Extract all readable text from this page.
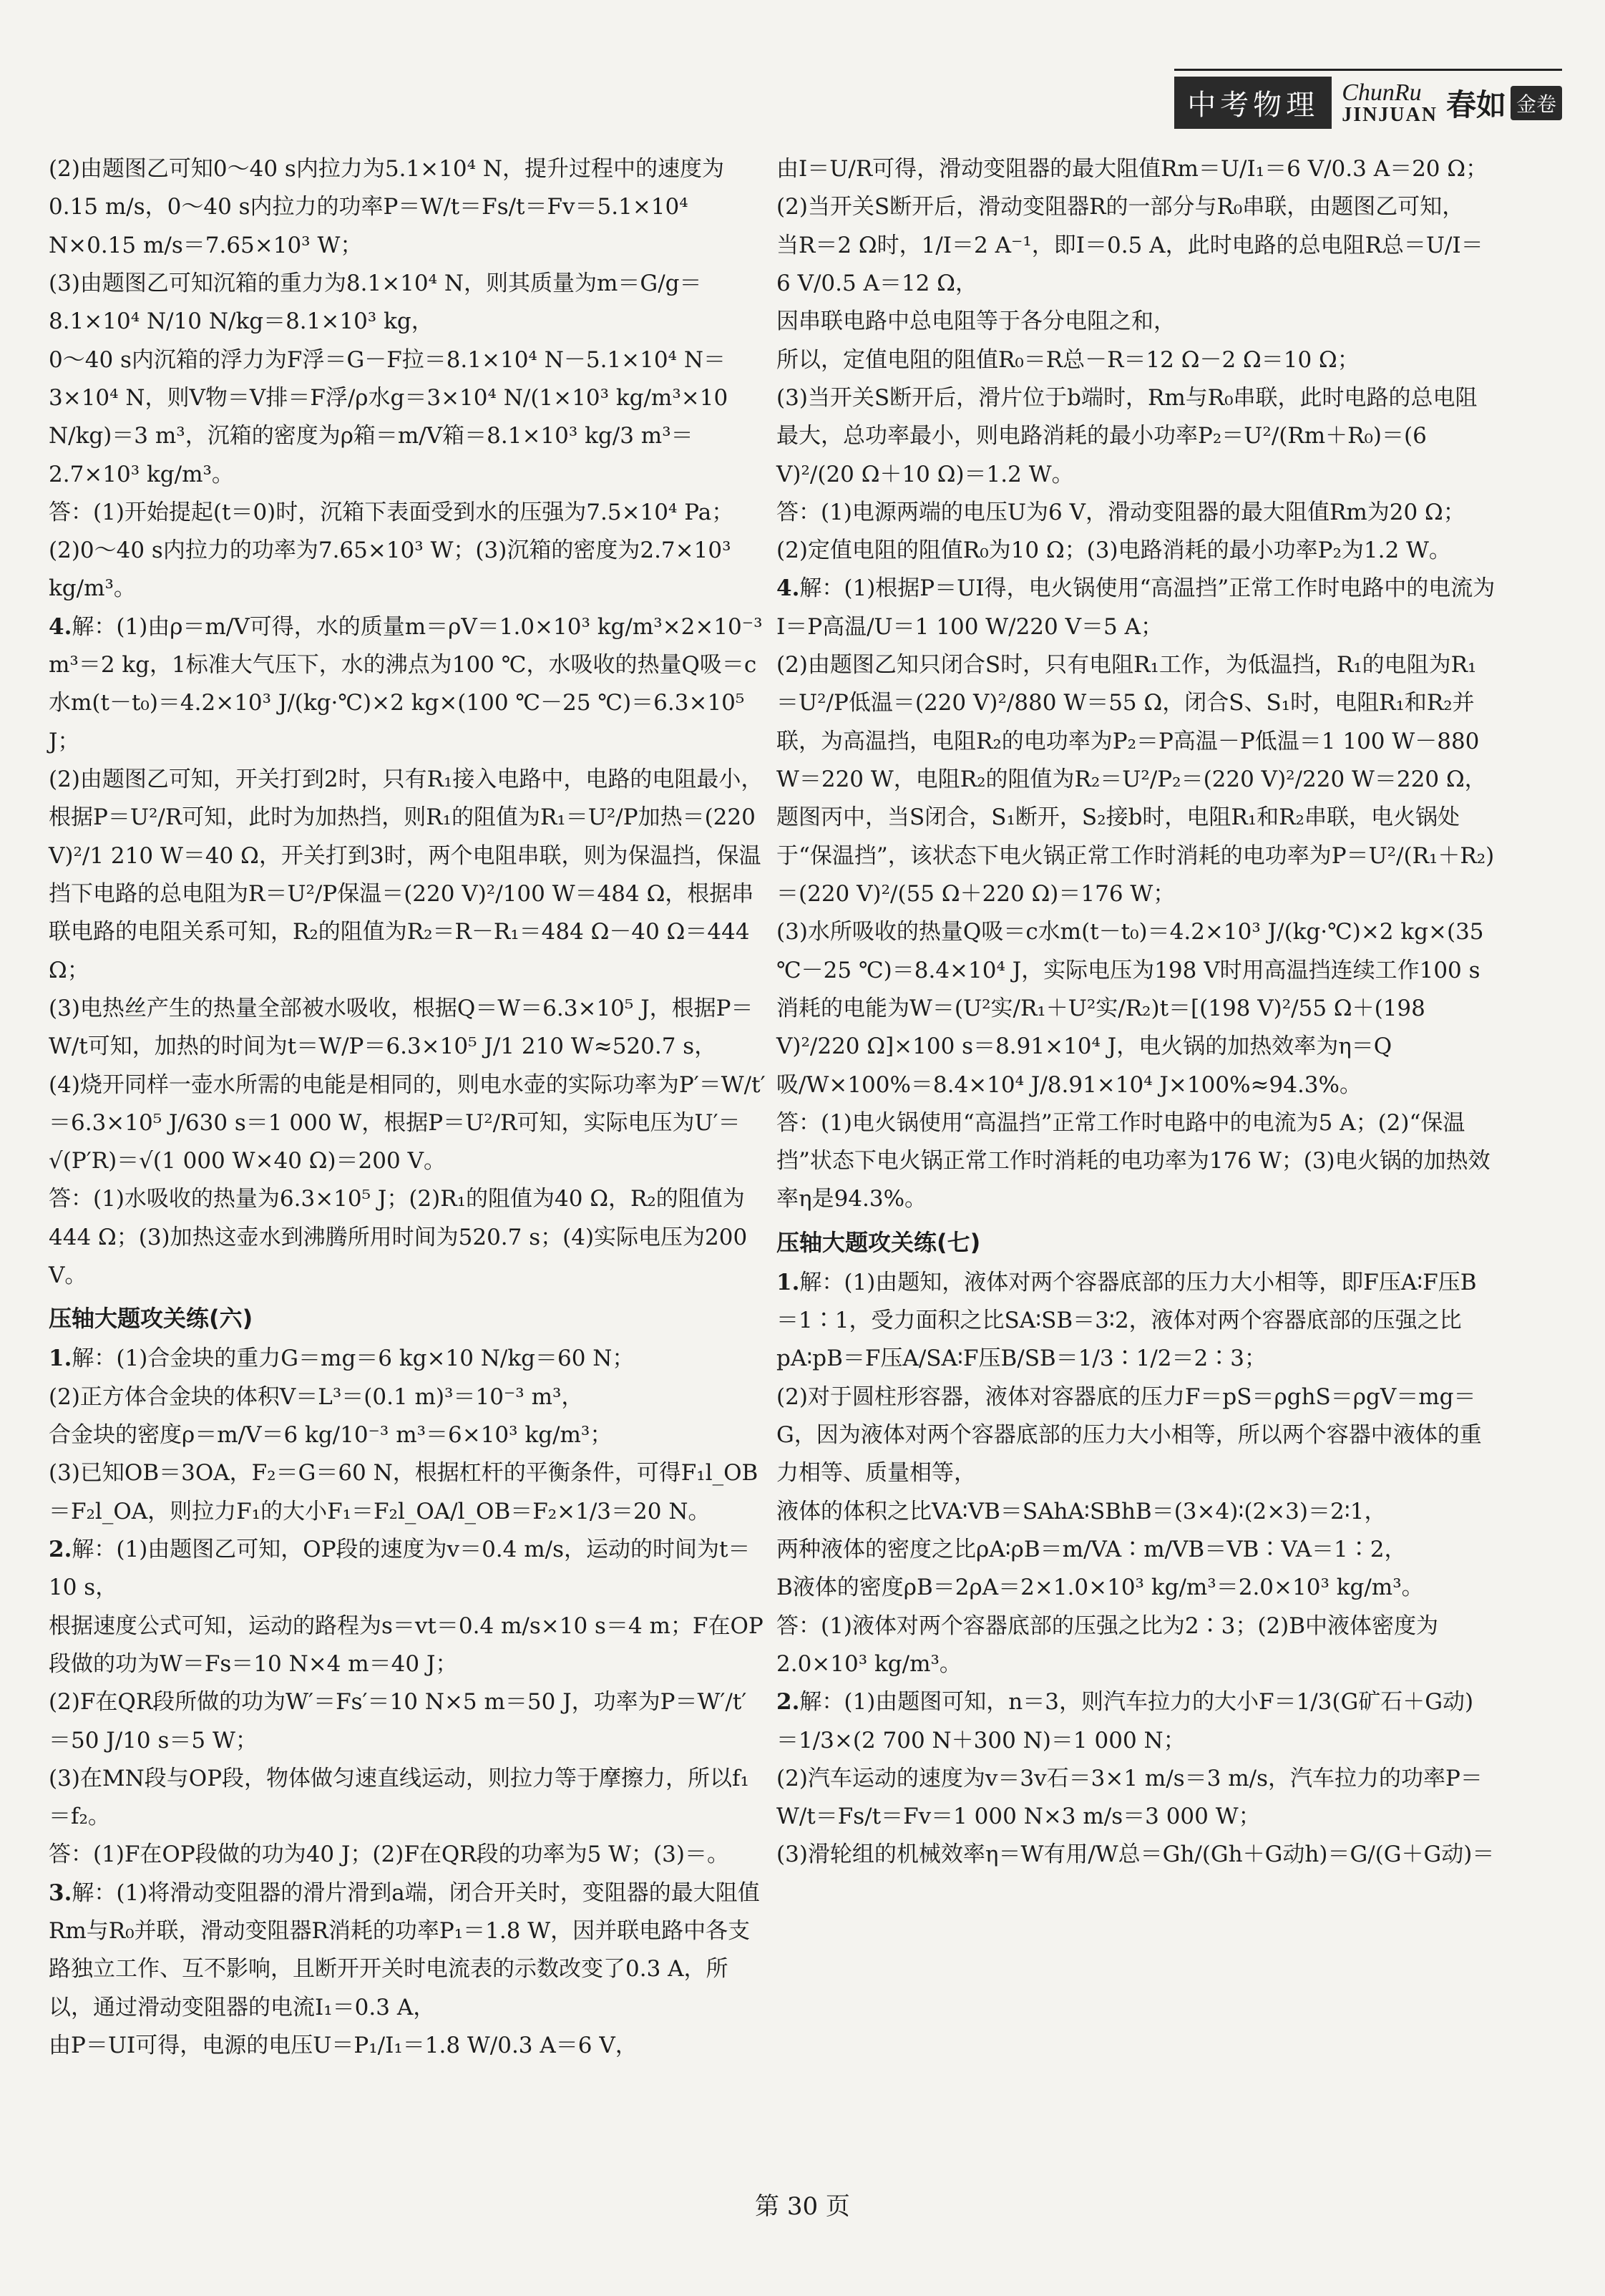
中考物理 ChunRu
JINJUAN 春如 金卷

(2)由题图乙可知0～40 s内拉力为5.1×10⁴ N，提升过程中的速度为0.15 m/s，0～40 s内拉力的功率P＝W/t＝Fs/t＝Fv＝5.1×10⁴ N×0.15 m/s＝7.65×10³ W；

(3)由题图乙可知沉箱的重力为8.1×10⁴ N，则其质量为m＝G/g＝8.1×10⁴ N/10 N/kg＝8.1×10³ kg，

0～40 s内沉箱的浮力为F浮＝G－F拉＝8.1×10⁴ N－5.1×10⁴ N＝3×10⁴ N，则V物＝V排＝F浮/ρ水g＝3×10⁴ N/(1×10³ kg/m³×10 N/kg)＝3 m³，沉箱的密度为ρ箱＝m/V箱＝8.1×10³ kg/3 m³＝2.7×10³ kg/m³。

答：(1)开始提起(t＝0)时，沉箱下表面受到水的压强为7.5×10⁴ Pa；(2)0～40 s内拉力的功率为7.65×10³ W；(3)沉箱的密度为2.7×10³ kg/m³。

4.解：(1)由ρ＝m/V可得，水的质量m＝ρV＝1.0×10³ kg/m³×2×10⁻³ m³＝2 kg，1标准大气压下，水的沸点为100 ℃，水吸收的热量Q吸＝c水m(t－t₀)＝4.2×10³ J/(kg·℃)×2 kg×(100 ℃－25 ℃)＝6.3×10⁵ J；

(2)由题图乙可知，开关打到2时，只有R₁接入电路中，电路的电阻最小，根据P＝U²/R可知，此时为加热挡，则R₁的阻值为R₁＝U²/P加热＝(220 V)²/1 210 W＝40 Ω，开关打到3时，两个电阻串联，则为保温挡，保温挡下电路的总电阻为R＝U²/P保温＝(220 V)²/100 W＝484 Ω，根据串联电路的电阻关系可知，R₂的阻值为R₂＝R－R₁＝484 Ω－40 Ω＝444 Ω；

(3)电热丝产生的热量全部被水吸收，根据Q＝W＝6.3×10⁵ J，根据P＝W/t可知，加热的时间为t＝W/P＝6.3×10⁵ J/1 210 W≈520.7 s，

(4)烧开同样一壶水所需的电能是相同的，则电水壶的实际功率为P′＝W/t′＝6.3×10⁵ J/630 s＝1 000 W，根据P＝U²/R可知，实际电压为U′＝√(P′R)＝√(1 000 W×40 Ω)＝200 V。

答：(1)水吸收的热量为6.3×10⁵ J；(2)R₁的阻值为40 Ω，R₂的阻值为444 Ω；(3)加热这壶水到沸腾所用时间为520.7 s；(4)实际电压为200 V。

压轴大题攻关练(六)

1.解：(1)合金块的重力G＝mg＝6 kg×10 N/kg＝60 N；

(2)正方体合金块的体积V＝L³＝(0.1 m)³＝10⁻³ m³，

合金块的密度ρ＝m/V＝6 kg/10⁻³ m³＝6×10³ kg/m³；

(3)已知OB＝3OA，F₂＝G＝60 N，根据杠杆的平衡条件，可得F₁l_OB＝F₂l_OA，则拉力F₁的大小F₁＝F₂l_OA/l_OB＝F₂×1/3＝20 N。

2.解：(1)由题图乙可知，OP段的速度为v＝0.4 m/s，运动的时间为t＝10 s，

根据速度公式可知，运动的路程为s＝vt＝0.4 m/s×10 s＝4 m；F在OP段做的功为W＝Fs＝10 N×4 m＝40 J；

(2)F在QR段所做的功为W′＝Fs′＝10 N×5 m＝50 J，功率为P＝W′/t′＝50 J/10 s＝5 W；

(3)在MN段与OP段，物体做匀速直线运动，则拉力等于摩擦力，所以f₁＝f₂。

答：(1)F在OP段做的功为40 J；(2)F在QR段的功率为5 W；(3)＝。

3.解：(1)将滑动变阻器的滑片滑到a端，闭合开关时，变阻器的最大阻值Rm与R₀并联，滑动变阻器R消耗的功率P₁＝1.8 W，因并联电路中各支路独立工作、互不影响，且断开开关时电流表的示数改变了0.3 A，所以，通过滑动变阻器的电流I₁＝0.3 A，

由P＝UI可得，电源的电压U＝P₁/I₁＝1.8 W/0.3 A＝6 V，

由I＝U/R可得，滑动变阻器的最大阻值Rm＝U/I₁＝6 V/0.3 A＝20 Ω；

(2)当开关S断开后，滑动变阻器R的一部分与R₀串联，由题图乙可知，

当R＝2 Ω时，1/I＝2 A⁻¹，即I＝0.5 A，此时电路的总电阻R总＝U/I＝6 V/0.5 A＝12 Ω，

因串联电路中总电阻等于各分电阻之和，

所以，定值电阻的阻值R₀＝R总－R＝12 Ω－2 Ω＝10 Ω；

(3)当开关S断开后，滑片位于b端时，Rm与R₀串联，此时电路的总电阻最大，总功率最小，则电路消耗的最小功率P₂＝U²/(Rm＋R₀)＝(6 V)²/(20 Ω＋10 Ω)＝1.2 W。

答：(1)电源两端的电压U为6 V，滑动变阻器的最大阻值Rm为20 Ω；(2)定值电阻的阻值R₀为10 Ω；(3)电路消耗的最小功率P₂为1.2 W。

4.解：(1)根据P＝UI得，电火锅使用“高温挡”正常工作时电路中的电流为I＝P高温/U＝1 100 W/220 V＝5 A；

(2)由题图乙知只闭合S时，只有电阻R₁工作，为低温挡，R₁的电阻为R₁＝U²/P低温＝(220 V)²/880 W＝55 Ω，闭合S、S₁时，电阻R₁和R₂并联，为高温挡，电阻R₂的电功率为P₂＝P高温－P低温＝1 100 W－880 W＝220 W，电阻R₂的阻值为R₂＝U²/P₂＝(220 V)²/220 W＝220 Ω，题图丙中，当S闭合，S₁断开，S₂接b时，电阻R₁和R₂串联，电火锅处于“保温挡”，该状态下电火锅正常工作时消耗的电功率为P＝U²/(R₁＋R₂)＝(220 V)²/(55 Ω＋220 Ω)＝176 W；

(3)水所吸收的热量Q吸＝c水m(t－t₀)＝4.2×10³ J/(kg·℃)×2 kg×(35 ℃－25 ℃)＝8.4×10⁴ J，实际电压为198 V时用高温挡连续工作100 s消耗的电能为W＝(U²实/R₁＋U²实/R₂)t＝[(198 V)²/55 Ω＋(198 V)²/220 Ω]×100 s＝8.91×10⁴ J，电火锅的加热效率为η＝Q吸/W×100%＝8.4×10⁴ J/8.91×10⁴ J×100%≈94.3%。

答：(1)电火锅使用“高温挡”正常工作时电路中的电流为5 A；(2)“保温挡”状态下电火锅正常工作时消耗的电功率为176 W；(3)电火锅的加热效率η是94.3%。

压轴大题攻关练(七)

1.解：(1)由题知，液体对两个容器底部的压力大小相等，即F压A∶F压B＝1∶1，受力面积之比SA∶SB＝3∶2，液体对两个容器底部的压强之比pA∶pB＝F压A/SA∶F压B/SB＝1/3∶1/2＝2∶3；

(2)对于圆柱形容器，液体对容器底的压力F＝pS＝ρghS＝ρgV＝mg＝G，因为液体对两个容器底部的压力大小相等，所以两个容器中液体的重力相等、质量相等，

液体的体积之比VA∶VB＝SAhA∶SBhB＝(3×4)∶(2×3)＝2∶1，

两种液体的密度之比ρA∶ρB＝m/VA∶m/VB＝VB∶VA＝1∶2，

B液体的密度ρB＝2ρA＝2×1.0×10³ kg/m³＝2.0×10³ kg/m³。

答：(1)液体对两个容器底部的压强之比为2∶3；(2)B中液体密度为2.0×10³ kg/m³。

2.解：(1)由题图可知，n＝3，则汽车拉力的大小F＝1/3(G矿石＋G动)＝1/3×(2 700 N＋300 N)＝1 000 N；

(2)汽车运动的速度为v＝3v石＝3×1 m/s＝3 m/s，汽车拉力的功率P＝W/t＝Fs/t＝Fv＝1 000 N×3 m/s＝3 000 W；

(3)滑轮组的机械效率η＝W有用/W总＝Gh/(Gh＋G动h)＝G/(G＋G动)＝

第 30 页
